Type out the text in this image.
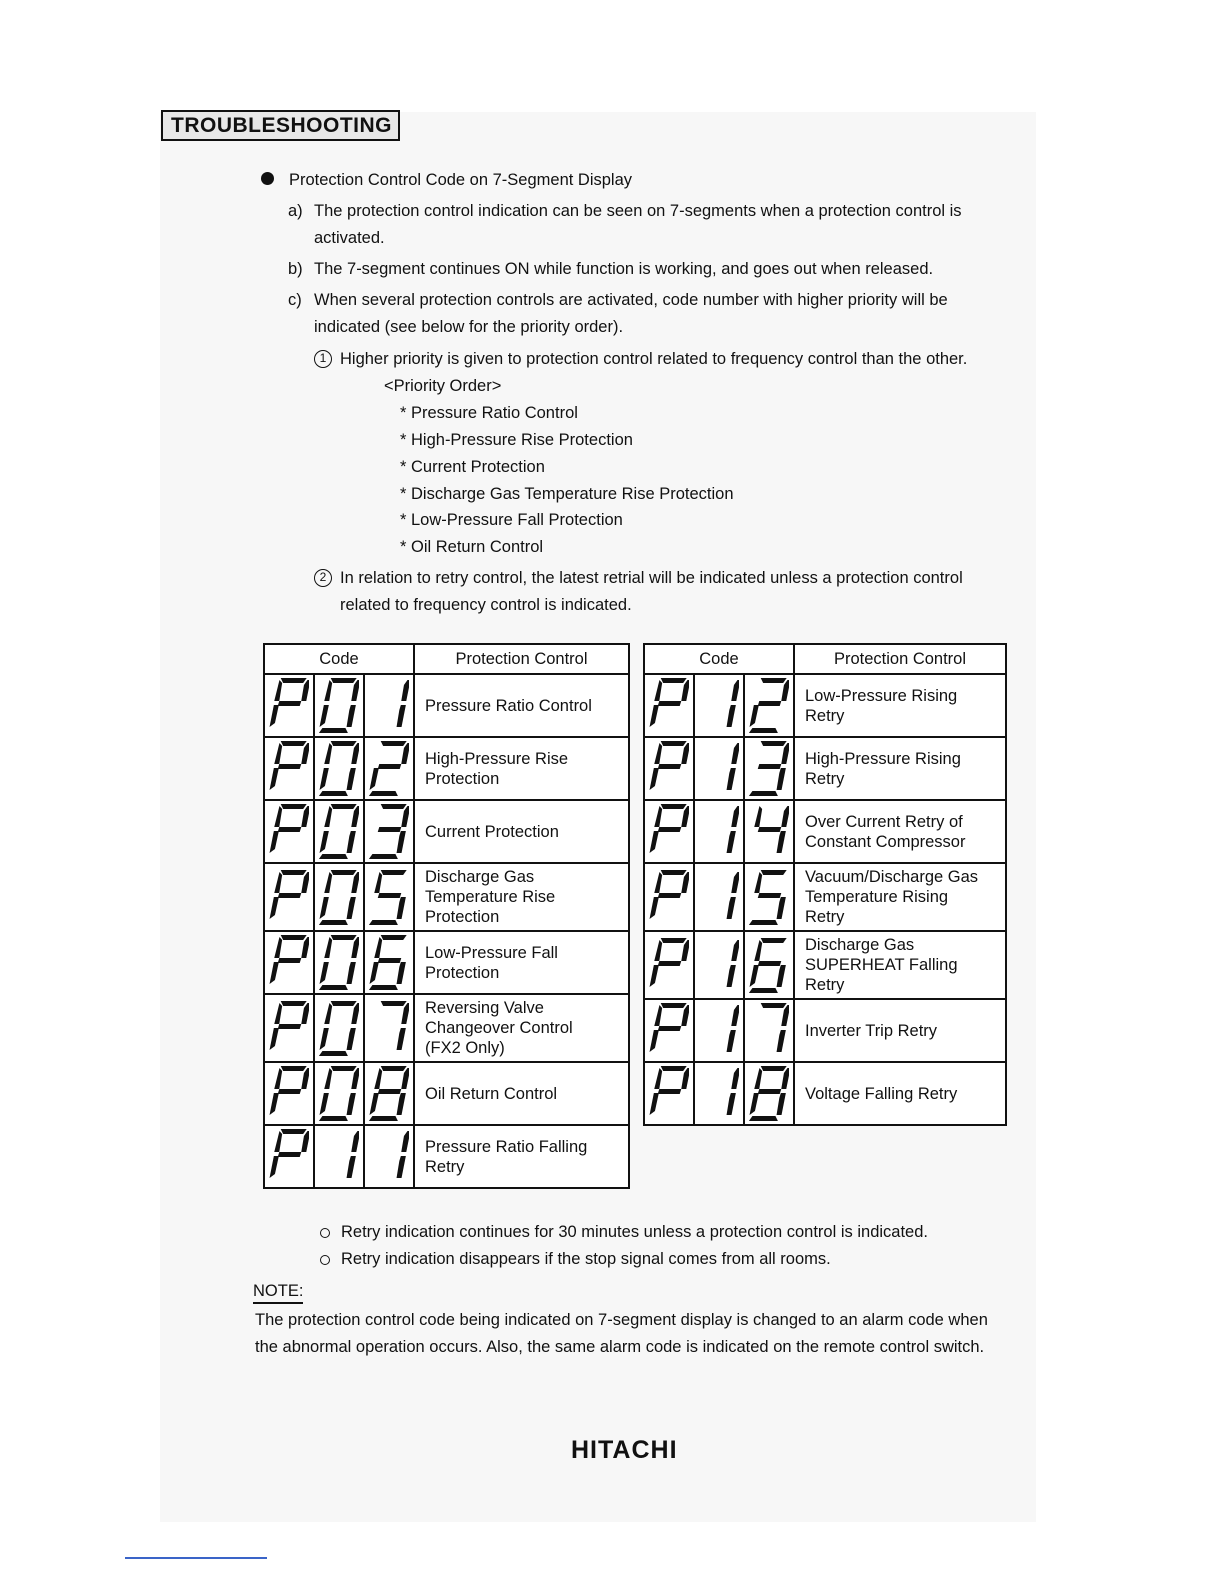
TROUBLESHOOTING
Protection Control Code on 7-Segment Display
a) The protection control indication can be seen on 7-segments when a protection control is
activated.
b) The 7-segment continues ON while function is working, and goes out when released.
c) When several protection controls are activated, code number with higher priority will be
indicated (see below for the priority order).
1 Higher priority is given to protection control related to frequency control than the other.
<Priority Order>
* Pressure Ratio Control
* High-Pressure Rise Protection
* Current Protection
* Discharge Gas Temperature Rise Protection
* Low-Pressure Fall Protection
* Oil Return Control
2 In relation to retry control, the latest retrial will be indicated unless a protection control
related to frequency control is indicated.
Code			Protection Control

	Pressure Ratio Control

	High-Pressure Rise
Protection

	Current Protection

	Discharge Gas
Temperature Rise
Protection

	Low-Pressure Fall
Protection

	Reversing Valve
Changeover Control
(FX2 Only)

	Oil Return Control

	Pressure Ratio Falling
Retry
Code			Protection Control

	Low-Pressure Rising
Retry

	High-Pressure Rising
Retry

	Over Current Retry of
Constant Compressor

	Vacuum/Discharge Gas
Temperature Rising
Retry

	Discharge Gas
SUPERHEAT Falling
Retry

	Inverter Trip Retry

	Voltage Falling Retry
Retry indication continues for 30 minutes unless a protection control is indicated.
Retry indication disappears if the stop signal comes from all rooms.
NOTE:
The protection control code being indicated on 7-segment display is changed to an alarm code when
the abnormal operation occurs. Also, the same alarm code is indicated on the remote control switch.
HITACHI
